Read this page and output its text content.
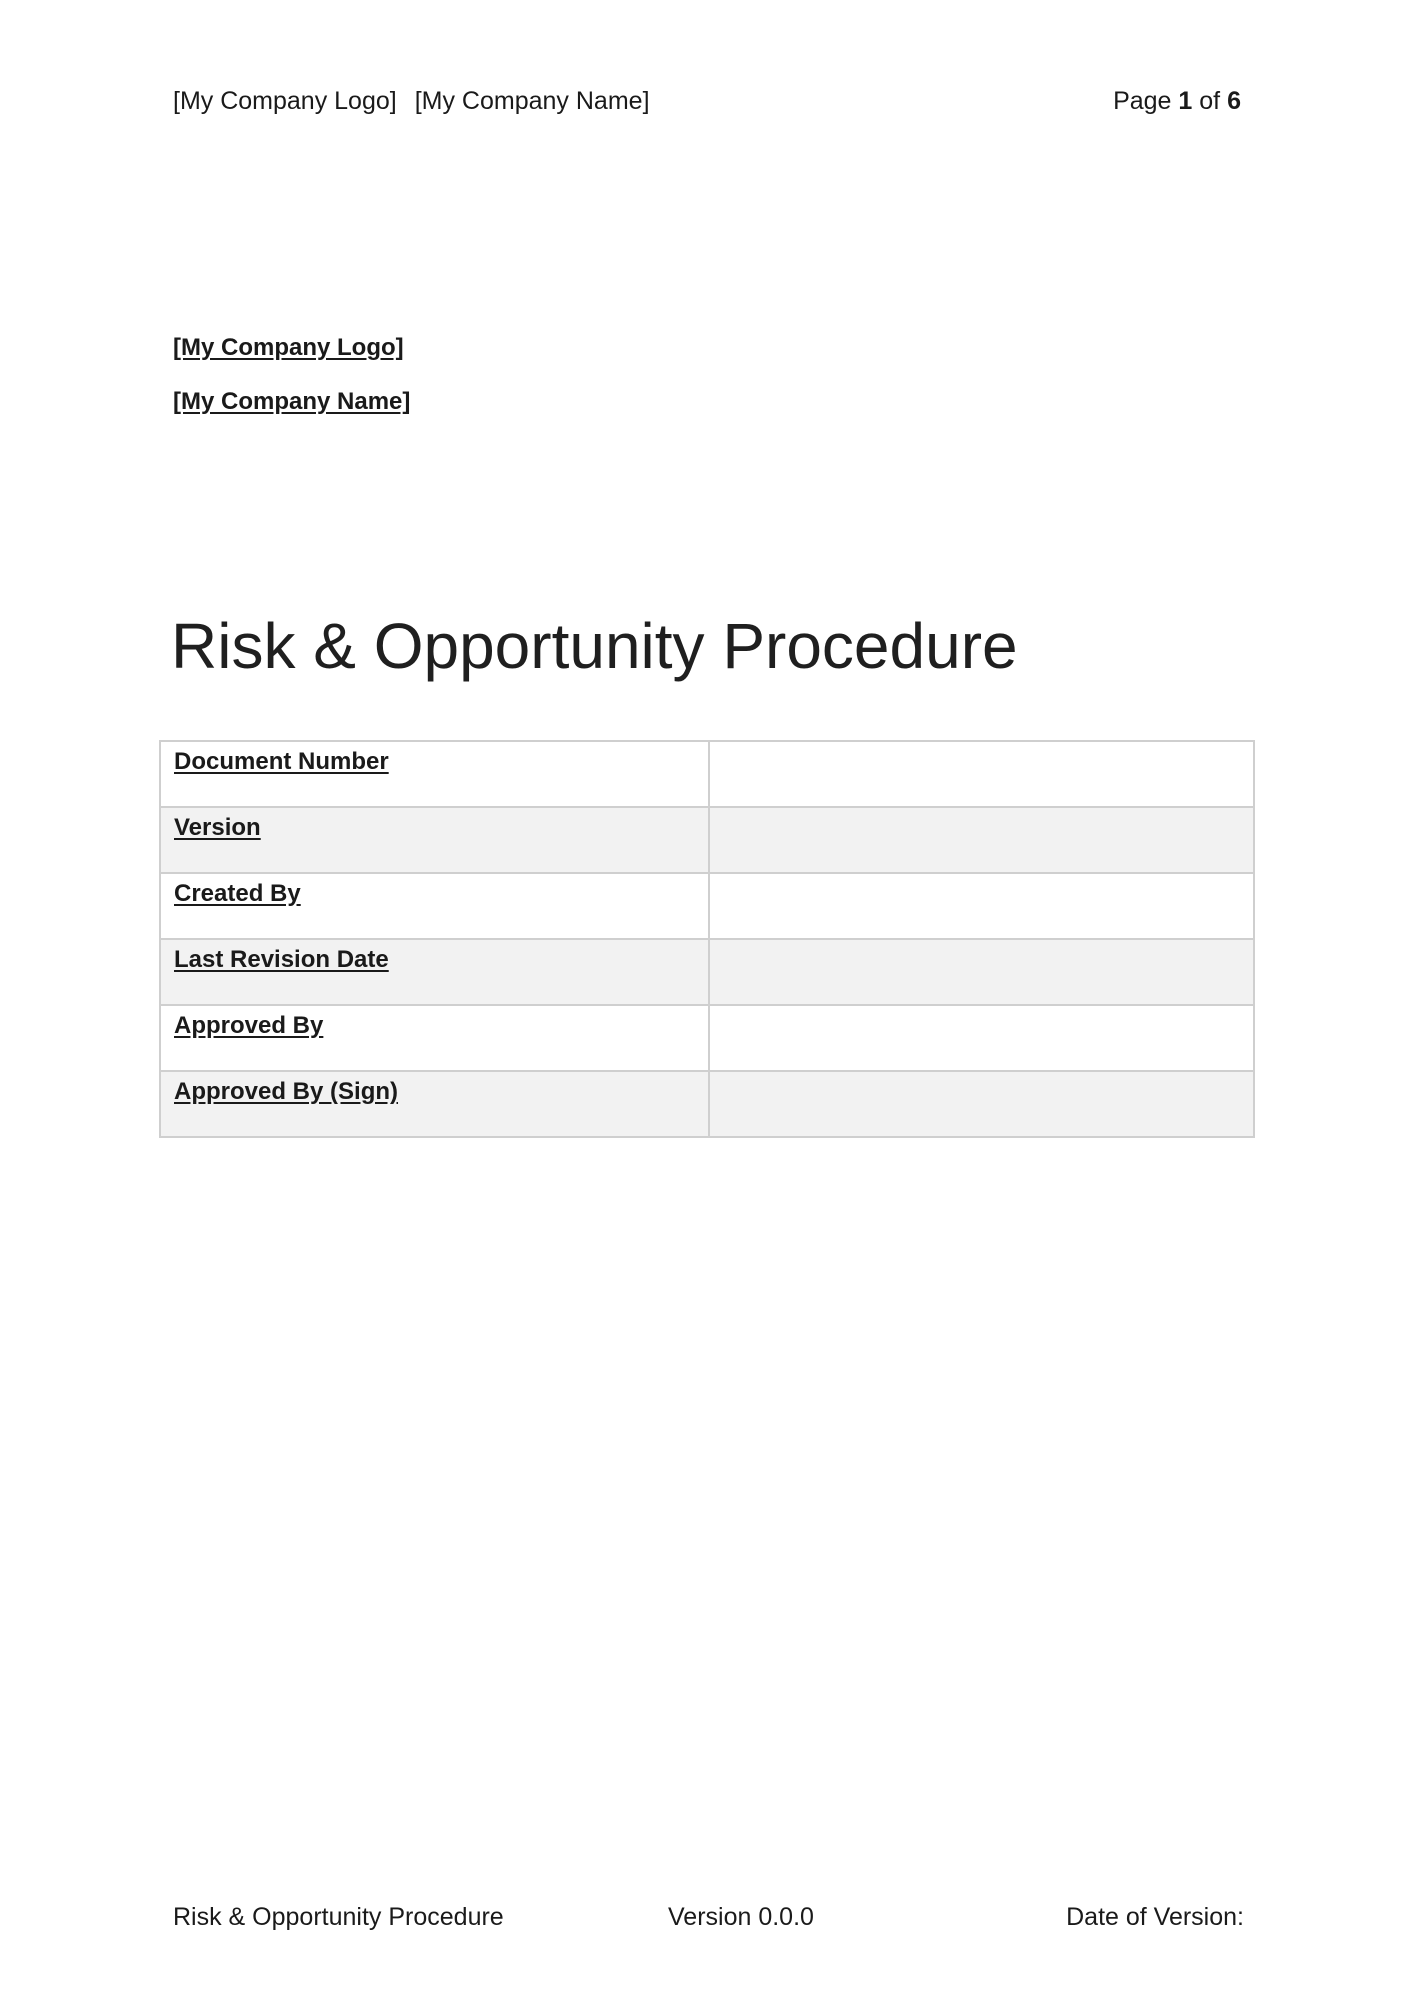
[My Company Logo] [My Company Name]	Page 1 of 6
[My Company Logo]
[My Company Name]
Risk & Opportunity Procedure
Document Number	

Version	

Created By	

Last Revision Date	

Approved By	

Approved By (Sign)	

Risk & Opportunity Procedure	Version 0.0.0	Date of Version:
